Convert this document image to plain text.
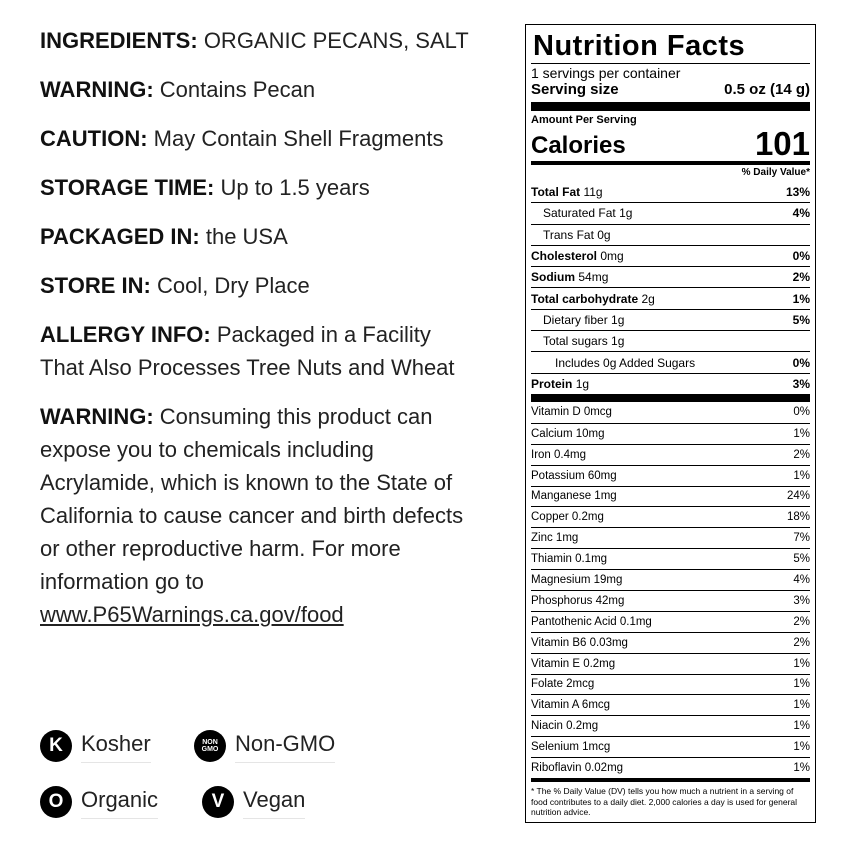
INGREDIENTS: ORGANIC PECANS, SALT

WARNING: Contains Pecan

CAUTION: May Contain Shell Fragments

STORAGE TIME: Up to 1.5 years

PACKAGED IN: the USA

STORE IN: Cool, Dry Place

ALLERGY INFO: Packaged in a Facility That Also Processes Tree Nuts and Wheat

WARNING: Consuming this product can expose you to chemicals including Acrylamide, which is known to the State of California to cause cancer and birth defects or other reproductive harm. For more information go to www.P65Warnings.ca.gov/food

K Kosher	NON
GMO Non-GMO
O Organic	V Vegan
Nutrition Facts
1 servings per container
Serving size	0.5 oz (14 g)
Amount Per Serving
Calories	101
% Daily Value*
Total Fat 11g	13%
Saturated Fat 1g	4%
Trans Fat 0g
Cholesterol 0mg	0%
Sodium 54mg	2%
Total carbohydrate 2g	1%
Dietary fiber 1g	5%
Total sugars 1g
Includes 0g Added Sugars	0%
Protein 1g	3%
Vitamin D 0mcg	0%
Calcium 10mg	1%
Iron 0.4mg	2%
Potassium 60mg	1%
Manganese 1mg	24%
Copper 0.2mg	18%
Zinc 1mg	7%
Thiamin 0.1mg	5%
Magnesium 19mg	4%
Phosphorus 42mg	3%
Pantothenic Acid 0.1mg	2%
Vitamin B6 0.03mg	2%
Vitamin E 0.2mg	1%
Folate 2mcg	1%
Vitamin A 6mcg	1%
Niacin 0.2mg	1%
Selenium 1mcg	1%
Riboflavin 0.02mg	1%
* The % Daily Value (DV) tells you how much a nutrient in a serving of food contributes to a daily diet. 2,000 calories a day is used for general nutrition advice.
